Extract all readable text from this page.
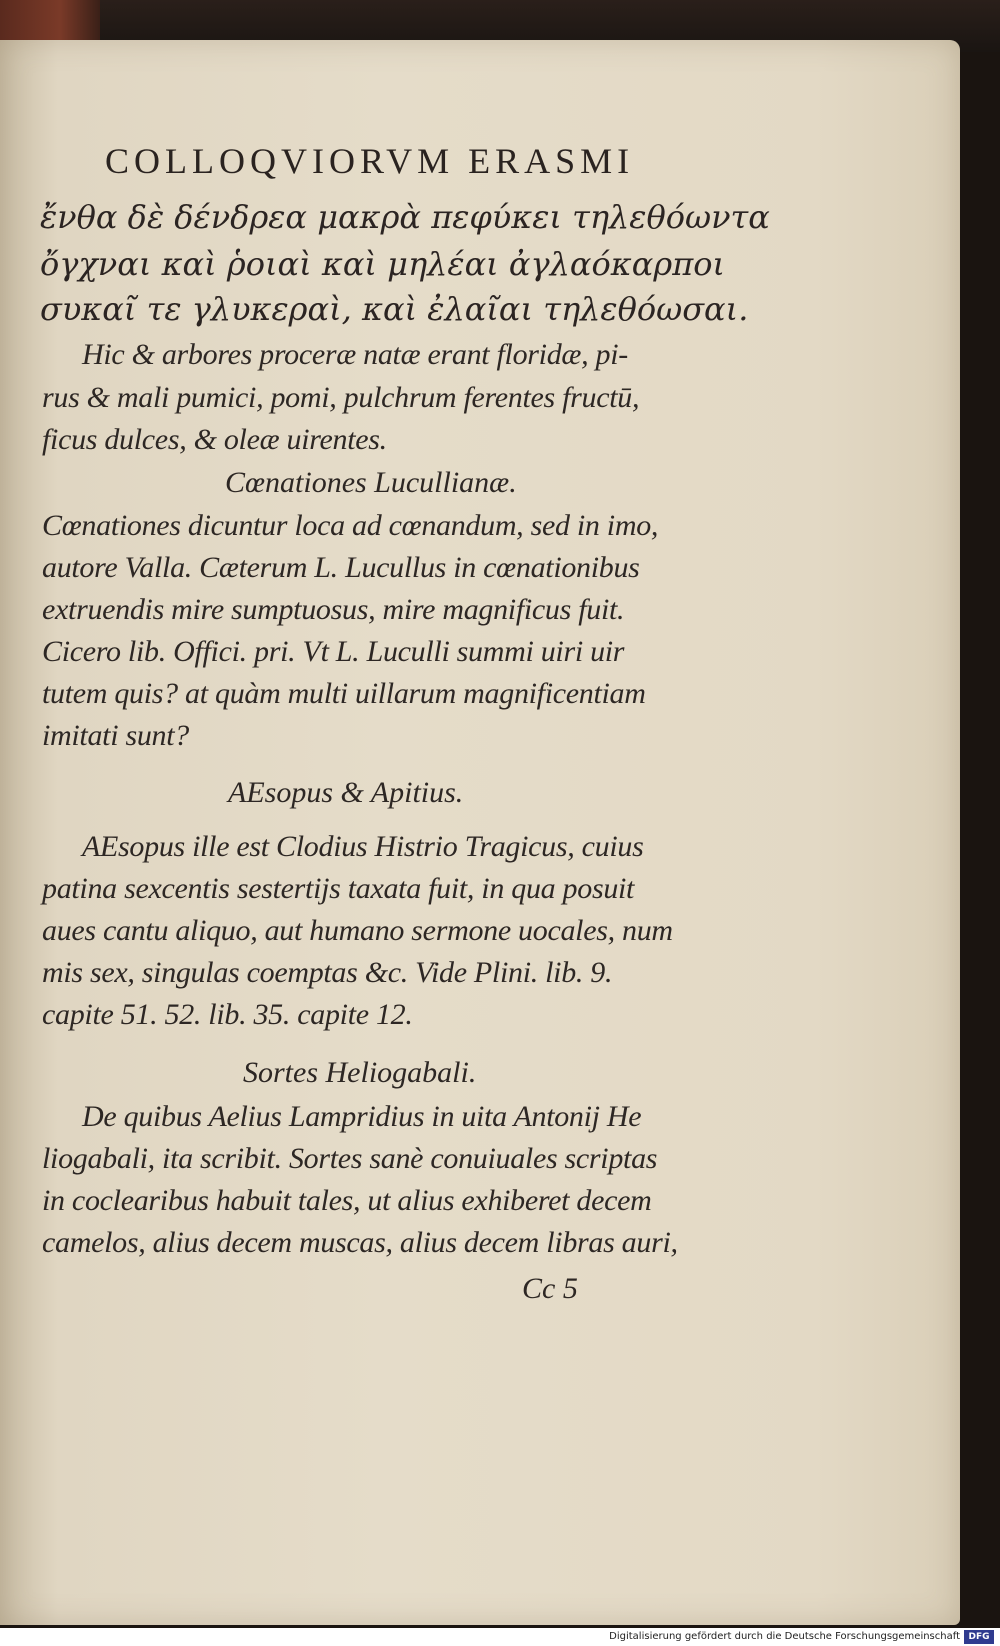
COLLOQVIORVM ERASMI
ἔνθα δὲ δένδρεα μακρὰ πεφύκει τηλεθόωντα
ὄγχναι καὶ ῥοιαὶ καὶ μηλέαι ἀγλαόκαρποι
συκαῖ τε γλυκεραὶ, καὶ ἐλαῖαι τηλεθόωσαι.
Hic & arbores proceræ natæ erant floridæ, pi-
rus & mali pumici, pomi, pulchrum ferentes fructū,
ficus dulces, & oleæ uirentes.
Cœnationes Lucullianæ.
Cœnationes dicuntur loca ad cœnandum, sed in imo,
autore Valla. Cæterum L. Lucullus in cœnationibus
extruendis mire sumptuosus, mire magnificus fuit.
Cicero lib. Offici. pri. Vt L. Luculli summi uiri uir
tutem quis? at quàm multi uillarum magnificentiam
imitati sunt?
AEsopus & Apitius.
AEsopus ille est Clodius Histrio Tragicus, cuius
patina sexcentis sestertijs taxata fuit, in qua posuit
aues cantu aliquo, aut humano sermone uocales, num
mis sex, singulas coemptas &c. Vide Plini. lib. 9.
capite 51. 52. lib. 35. capite 12.
Sortes Heliogabali.
De quibus Aelius Lampridius in uita Antonij He
liogabali, ita scribit. Sortes sanè conuiuales scriptas
in coclearibus habuit tales, ut alius exhiberet decem
camelos, alius decem muscas, alius decem libras auri,
Cc 5
Digitalisierung gefördert durch die Deutsche Forschungsgemeinschaft DFG
